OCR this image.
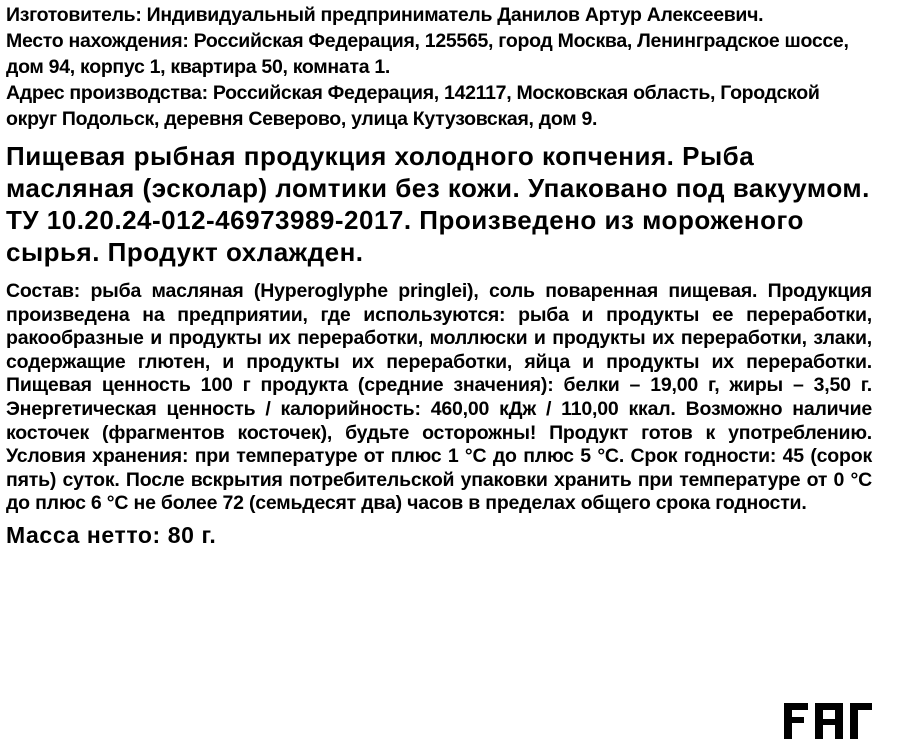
Изготовитель: Индивидуальный предприниматель Данилов Артур Алексеевич.

Место нахождения: Российская Федерация, 125565, город Москва, Ленинградское шоссе, дом 94, корпус 1, квартира 50, комната 1.

Адрес производства: Российская Федерация, 142117, Московская область, Городской округ Подольск, деревня Северово, улица Кутузовская, дом 9.

Пищевая рыбная продукция холодного копчения. Рыба масляная (эсколар) ломтики без кожи. Упаковано под вакуумом. ТУ 10.20.24-012-46973989-2017. Произведено из мороженого сырья. Продукт охлажден.

Состав: рыба масляная (Hyperoglyphe pringlei), соль поваренная пищевая. Продукция произведена на предприятии, где используются: рыба и продукты ее переработки, ракообразные и продукты их переработки, моллюски и продукты их переработки, злаки, содержащие глютен, и продукты их переработки, яйца и продукты их переработки. Пищевая ценность 100 г продукта (средние значения): белки – 19,00 г, жиры – 3,50 г. Энергетическая ценность / калорийность: 460,00 кДж / 110,00 ккал. Возможно наличие косточек (фрагментов косточек), будьте осторожны! Продукт готов к употреблению. Условия хранения: при температуре от плюс 1 °С до плюс 5 °С. Срок годности: 45 (сорок пять) суток. После вскрытия потребительской упаковки хранить при температуре от 0 °С до плюс 6 °С не более 72 (семьдесят два) часов в пределах общего срока годности.

Масса нетто: 80 г.
